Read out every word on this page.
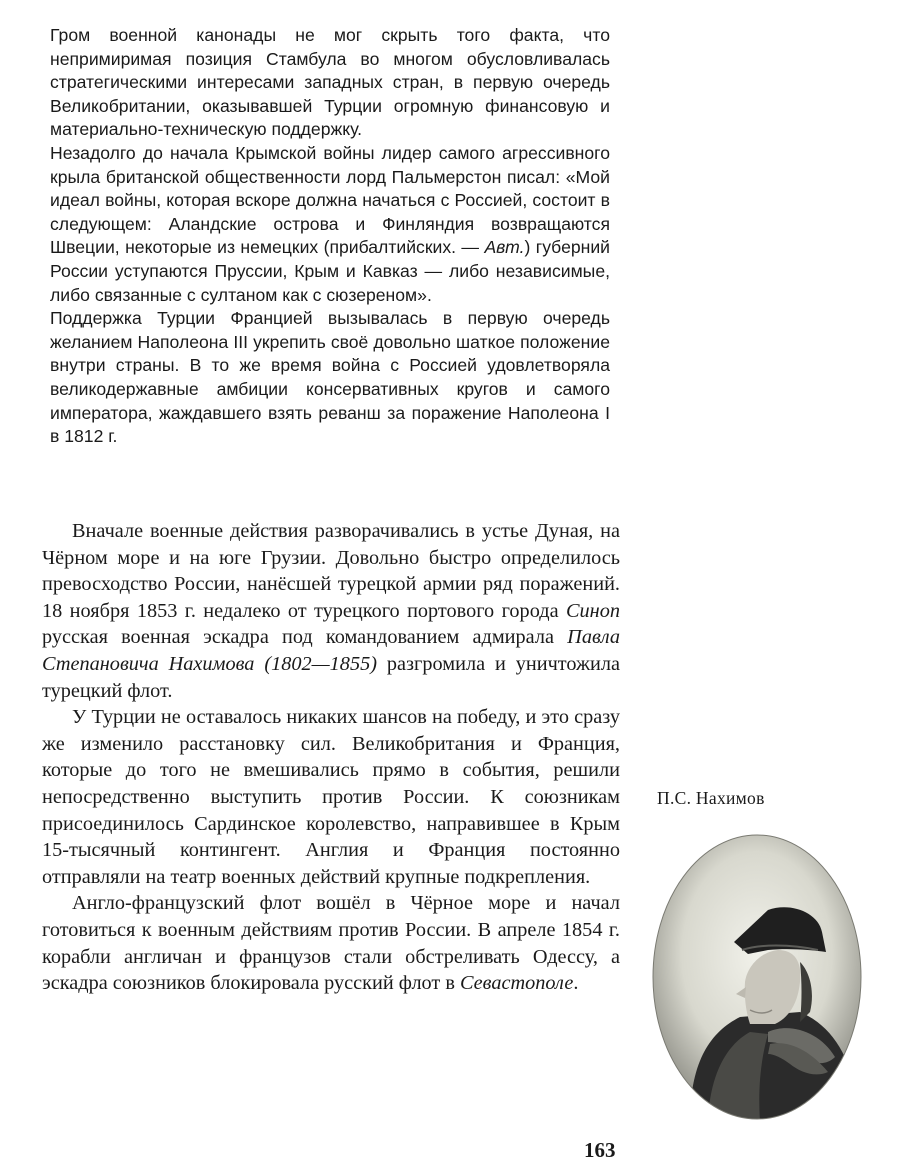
Гром военной канонады не мог скрыть того факта, что непримиримая позиция Стамбула во многом обусловливалась стратегическими интересами западных стран, в первую очередь Великобритании, оказывавшей Турции огромную финансовую и материально-техническую поддержку.

Незадолго до начала Крымской войны лидер самого агрессивного крыла британской общественности лорд Пальмерстон писал: «Мой идеал войны, которая вскоре должна начаться с Россией, состоит в следующем: Аландские острова и Финляндия возвращаются Швеции, некоторые из немецких (прибалтийских. — Авт.) губерний России уступаются Пруссии, Крым и Кавказ — либо независимые, либо связанные с султаном как с сюзереном».

Поддержка Турции Францией вызывалась в первую очередь желанием Наполеона III укрепить своё довольно шаткое положение внутри страны. В то же время война с Россией удовлетворяла великодержавные амбиции консервативных кругов и самого императора, жаждавшего взять реванш за поражение Наполеона I в 1812 г.

Вначале военные действия разворачивались в устье Дуная, на Чёрном море и на юге Грузии. Довольно быстро определилось превосходство России, нанёсшей турецкой армии ряд поражений. 18 ноября 1853 г. недалеко от турецкого портового города Синоп русская военная эскадра под командованием адмирала Павла Степановича Нахимова (1802—1855) разгромила и уничтожила турецкий флот.

У Турции не оставалось никаких шансов на победу, и это сразу же изменило расстановку сил. Великобритания и Франция, которые до того не вмешивались прямо в события, решили непосредственно выступить против России. К союзникам присоединилось Сардинское королевство, направившее в Крым 15-тысячный контингент. Англия и Франция постоянно отправляли на театр военных действий крупные подкрепления.

Англо-французский флот вошёл в Чёрное море и начал готовиться к военным действиям против России. В апреле 1854 г. корабли англичан и французов стали обстреливать Одессу, а эскадра союзников блокировала русский флот в Севастополе.

П.С. Нахимов
163
